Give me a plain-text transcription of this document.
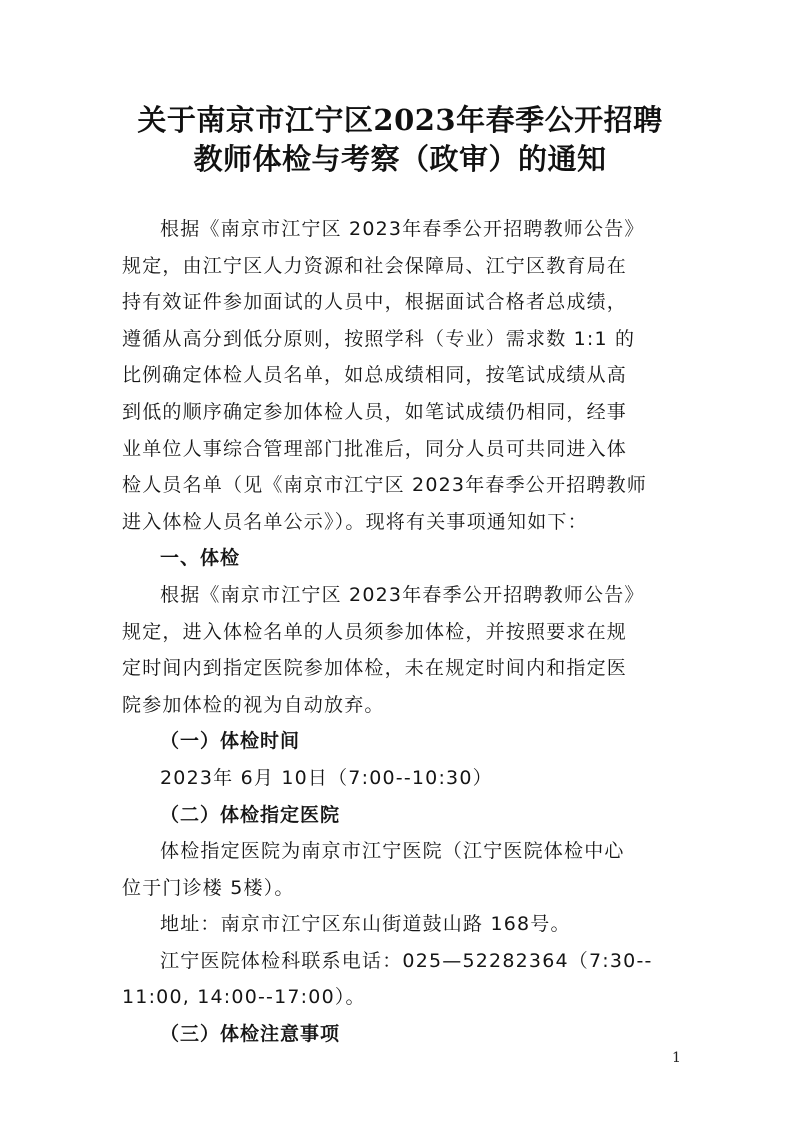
关于南京市江宁区2023年春季公开招聘
教师体检与考察（政审）的通知
根据《南京市江宁区 2023年春季公开招聘教师公告》
规定，由江宁区人力资源和社会保障局、江宁区教育局在
持有效证件参加面试的人员中，根据面试合格者总成绩，
遵循从高分到低分原则，按照学科（专业）需求数 1:1 的
比例确定体检人员名单，如总成绩相同，按笔试成绩从高
到低的顺序确定参加体检人员，如笔试成绩仍相同，经事
业单位人事综合管理部门批准后，同分人员可共同进入体
检人员名单（见《南京市江宁区 2023年春季公开招聘教师
进入体检人员名单公示》）。现将有关事项通知如下：
一、体检
根据《南京市江宁区 2023年春季公开招聘教师公告》
规定，进入体检名单的人员须参加体检，并按照要求在规
定时间内到指定医院参加体检，未在规定时间内和指定医
院参加体检的视为自动放弃。
（一）体检时间
2023年 6月 10日（7:00--10:30）
（二）体检指定医院
体检指定医院为南京市江宁医院（江宁医院体检中心
位于门诊楼 5楼）。
地址：南京市江宁区东山街道鼓山路 168号。
江宁医院体检科联系电话：025—52282364（7:30--
11:00, 14:00--17:00）。
（三）体检注意事项
1
